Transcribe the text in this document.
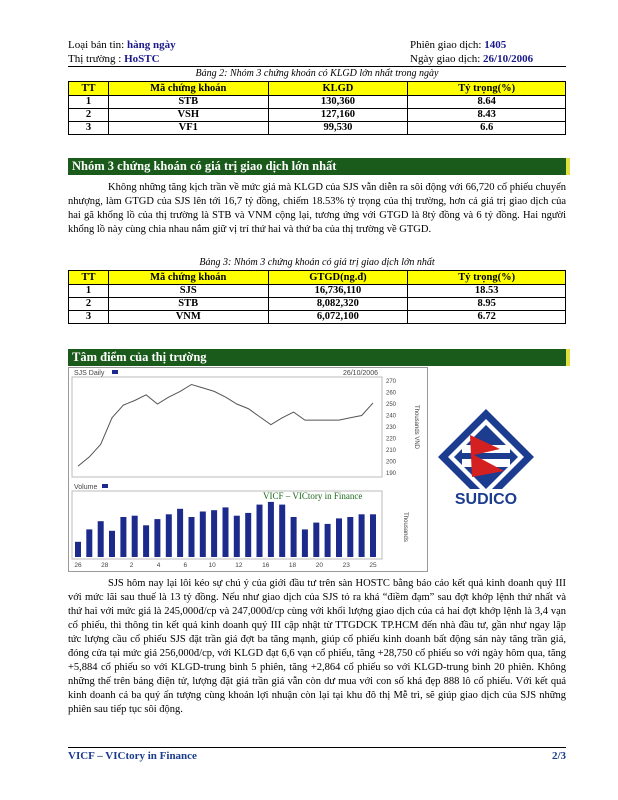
Loại bản tin: hàng ngày
Thị trường : HoSTC
Phiên giao dịch: 1405
Ngày giao dịch: 26/10/2006
Bảng 2: Nhóm 3 chứng khoán có KLGD lớn nhất trong ngày
TT	Mã chứng khoán	KLGD	Tỷ trọng(%)
1	STB	130,360	8.64
2	VSH	127,160	8.43
3	VF1	99,530	6.6
Nhóm 3 chứng khoán có giá trị giao dịch lớn nhất
Không những tăng kịch trần về mức giá mà KLGD của SJS vẫn diễn ra sôi động với 66,720 cổ phiếu chuyển nhượng, làm GTGD của SJS lên tới 16,7 tỷ đồng, chiếm 18.53% tỷ trọng của thị trường, hơn cả giá trị giao dịch của hai gã khổng lồ của thị trường là STB và VNM cộng lại, tương ứng với GTGD là 8tỷ đồng và 6 tỷ đồng. Hai người khổng lồ này cùng chia nhau nắm giữ vị trí thứ hai và thứ ba của thị trường về GTGD.
Bảng 3: Nhóm 3 chứng khoán có giá trị giao dịch lớn nhất
TT	Mã chứng khoán	GTGD(ng.đ)	Tỷ trọng(%)
1	SJS	16,736,110	18.53
2	STB	8,082,320	8.95
3	VNM	6,072,100	6.72
Tâm điểm của thị trường
SJS Daily	26/10/2006
270
260
250
240
230
220
210
200
190
Thousands VND
Volume
VICF – VICtory in Finance
Thousands
26	28	2	4	6	10	12	16	18	20	23	25
SUDICO
SJS hôm nay lại lôi kéo sự chú ý của giới đầu tư trên sàn HOSTC bằng báo cáo kết quả kinh doanh quý III với mức lãi sau thuế là 13 tỷ đồng. Nếu như giao dịch của SJS tỏ ra khá “điềm đạm” sau đợt khớp lệnh thứ nhất và thứ hai với mức giá là 245,000đ/cp và 247,000đ/cp cùng với khối lượng giao dịch của cả hai đợt khớp lệnh là 3,4 vạn cổ phiếu, thì thông tin kết quả kinh doanh quý III cập nhật từ TTGDCK TP.HCM đến nhà đầu tư, gần như ngay lập tức lượng cầu cổ phiếu SJS đặt trần giá đợt ba tăng mạnh, giúp cổ phiếu kinh doanh bất động sản này tăng trần giá, đóng cửa tại mức giá 256,000đ/cp, với KLGD đạt 6,6 vạn cổ phiếu, tăng +28,750 cổ phiếu so với ngày hôm qua, tăng +5,884 cổ phiếu so với KLGD-trung bình 5 phiên, tăng +2,864 cổ phiếu so với KLGD-trung bình 20 phiên. Không những thế trên bảng điện tử, lượng đặt giá trần giá vẫn còn dư mua với con số khá đẹp 888 lô cổ phiếu. Với kết quả kinh doanh cả ba quý ấn tượng cùng khoản lợi nhuận còn lại tại khu đô thị Mễ trì, sẽ giúp giao dịch của SJS những phiên sau tiếp tục sôi động.
VICF – VICtory in Finance	2/3
